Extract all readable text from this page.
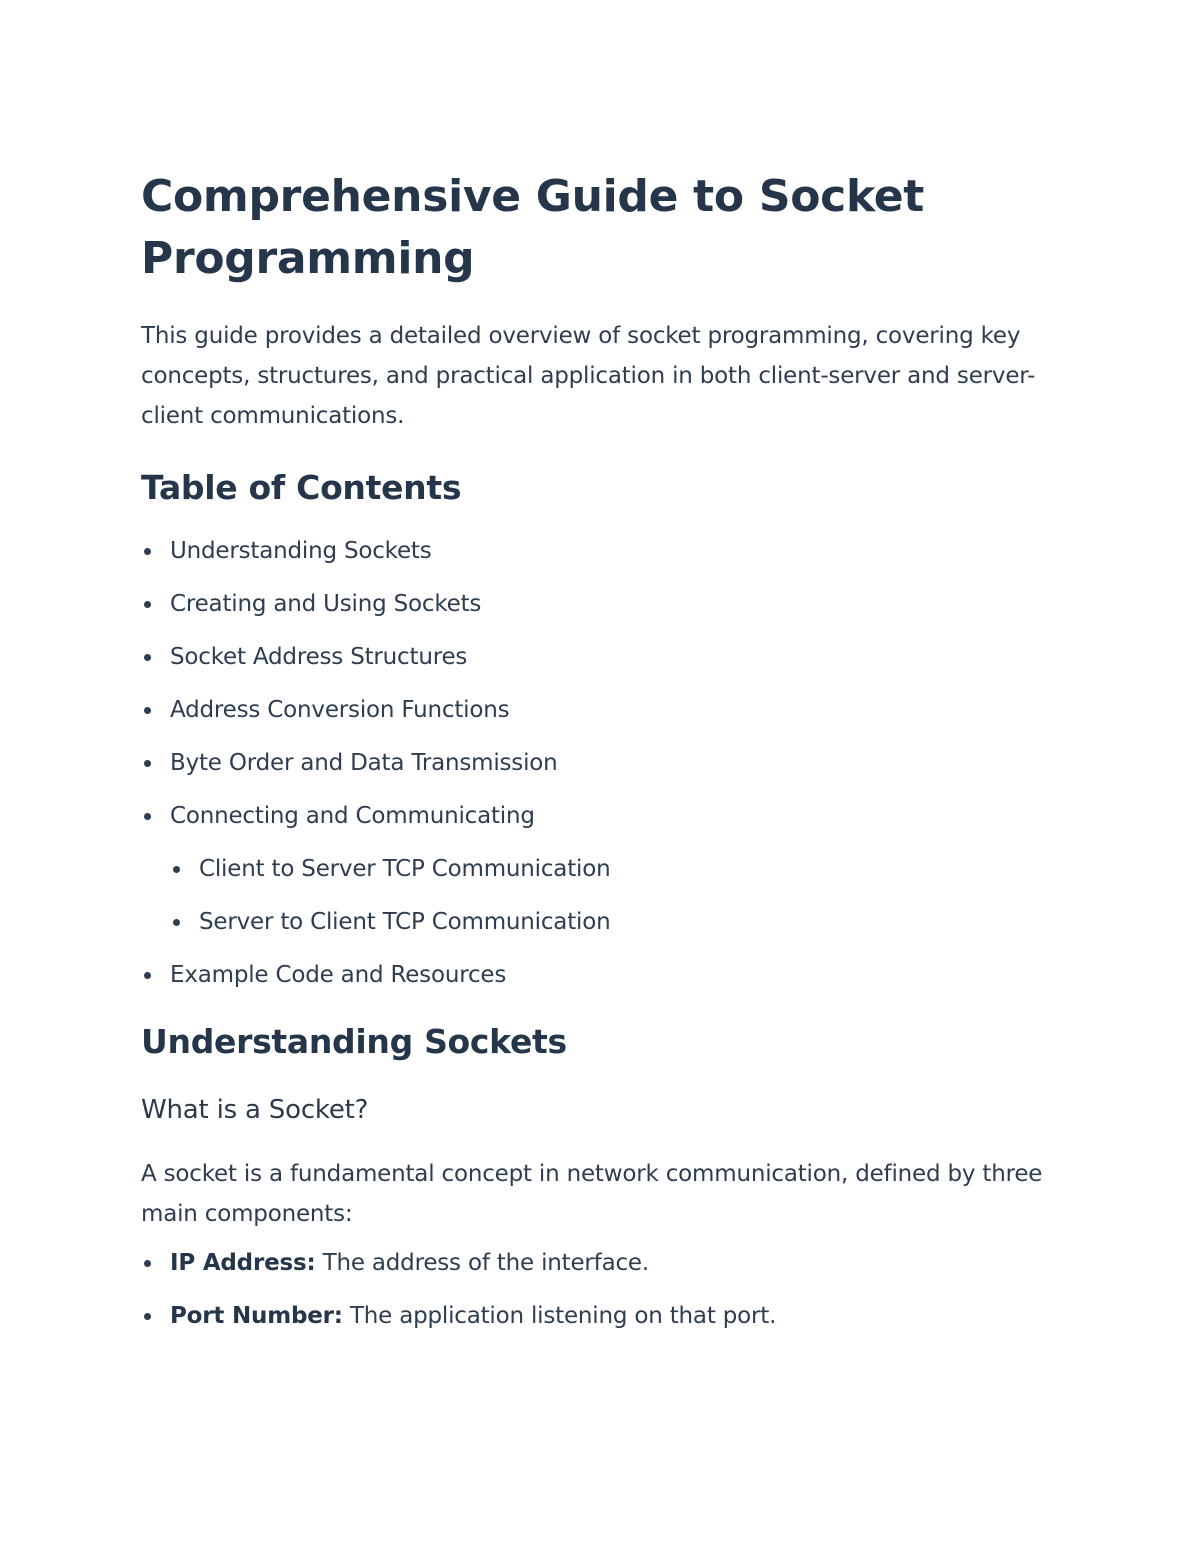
Comprehensive Guide to Socket Programming

This guide provides a detailed overview of socket programming, covering key concepts, structures, and practical application in both client-server and server-client communications.

Table of Contents
Understanding Sockets
Creating and Using Sockets
Socket Address Structures
Address Conversion Functions
Byte Order and Data Transmission
Connecting and Communicating
Client to Server TCP Communication
Server to Client TCP Communication
Example Code and Resources
Understanding Sockets
What is a Socket?

A socket is a fundamental concept in network communication, defined by three main components:

IP Address: The address of the interface.
Port Number: The application listening on that port.
